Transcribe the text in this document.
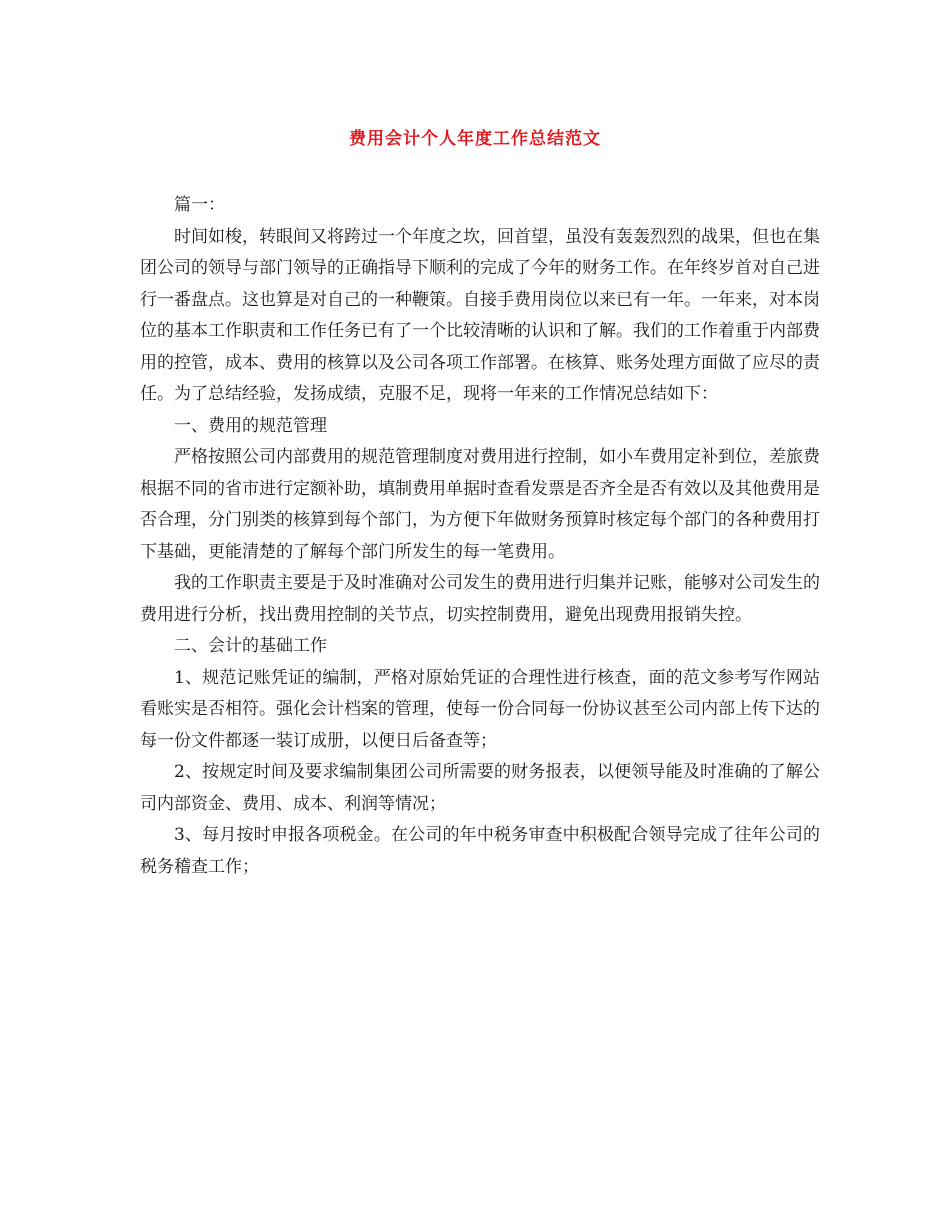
费用会计个人年度工作总结范文

篇一：

时间如梭，转眼间又将跨过一个年度之坎，回首望，虽没有轰轰烈烈的战果，但也在集团公司的领导与部门领导的正确指导下顺利的完成了今年的财务工作。在年终岁首对自己进行一番盘点。这也算是对自己的一种鞭策。自接手费用岗位以来已有一年。一年来，对本岗位的基本工作职责和工作任务已有了一个比较清晰的认识和了解。我们的工作着重于内部费用的控管，成本、费用的核算以及公司各项工作部署。在核算、账务处理方面做了应尽的责任。为了总结经验，发扬成绩，克服不足，现将一年来的工作情况总结如下：

一、费用的规范管理

严格按照公司内部费用的规范管理制度对费用进行控制，如小车费用定补到位，差旅费根据不同的省市进行定额补助，填制费用单据时查看发票是否齐全是否有效以及其他费用是否合理，分门别类的核算到每个部门，为方便下年做财务预算时核定每个部门的各种费用打下基础，更能清楚的了解每个部门所发生的每一笔费用。

我的工作职责主要是于及时准确对公司发生的费用进行归集并记账，能够对公司发生的费用进行分析，找出费用控制的关节点，切实控制费用，避免出现费用报销失控。

二、会计的基础工作

1、规范记账凭证的编制，严格对原始凭证的合理性进行核查，面的范文参考写作网站看账实是否相符。强化会计档案的管理，使每一份合同每一份协议甚至公司内部上传下达的每一份文件都逐一装订成册，以便日后备查等；

2、按规定时间及要求编制集团公司所需要的财务报表，以便领导能及时准确的了解公司内部资金、费用、成本、利润等情况；

3、每月按时申报各项税金。在公司的年中税务审查中积极配合领导完成了往年公司的税务稽查工作；
